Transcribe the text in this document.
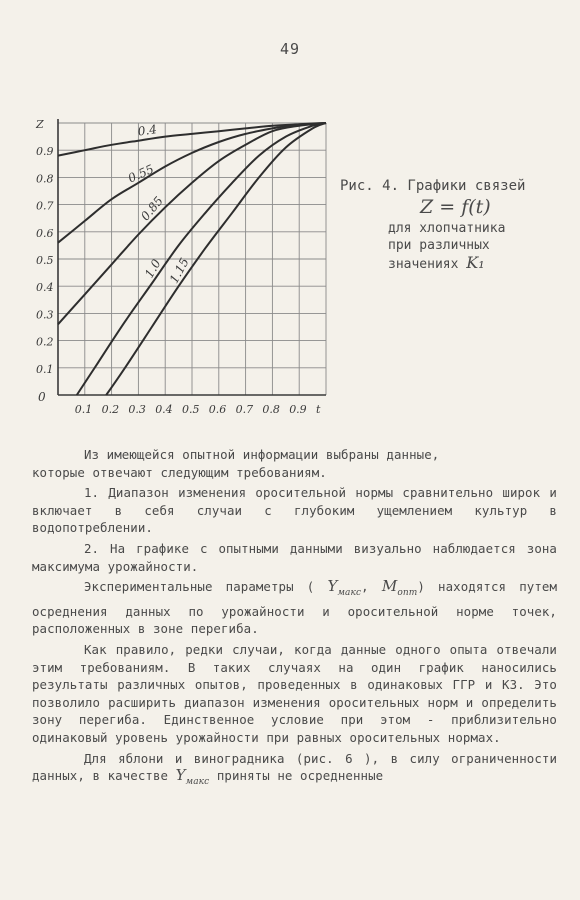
49
0.1
0.2
0.3
0.4
0.5
0.6
0.7
0.8
0.9
Z
0.1 0.2 0.3 0.4 0.5 0.6 0.7 0.8 0.9 t
0
0.4
0.55
0.85
1.0 1.15
Рис. 4. Графики связей
Z = f(t)
для хлопчатника
при различных
значениях K₁

Из имеющейся опытной информации выбраны данные,

которые отвечают следующим требованиям.

1. Диапазон изменения оросительной нормы сравнительно широк и включает в себя случаи с глубоким ущемлением культур в водопотреблении.

2. На графике с опытными данными визуально наблюдается зона максимума урожайности.

Экспериментальные параметры ( $Y_{макс}$, $M_{опт}$) находятся путем осреднения данных по урожайности и оросительной норме точек, расположенных в зоне перегиба.

Как правило, редки случаи, когда данные одного опыта отвечали этим требованиям. В таких случаях на один график наносились результаты различных опытов, проведенных в одинаковых ГГР и КЗ. Это позволило расширить диапазон изменения оросительных норм и определить зону перегиба. Единственное условие при этом - приблизительно одинаковый уровень урожайности при равных оросительных нормах.

Для яблони и виноградника (рис. 6 ), в силу ограниченности данных, в качестве $Y_{макс}$ приняты не осредненные
